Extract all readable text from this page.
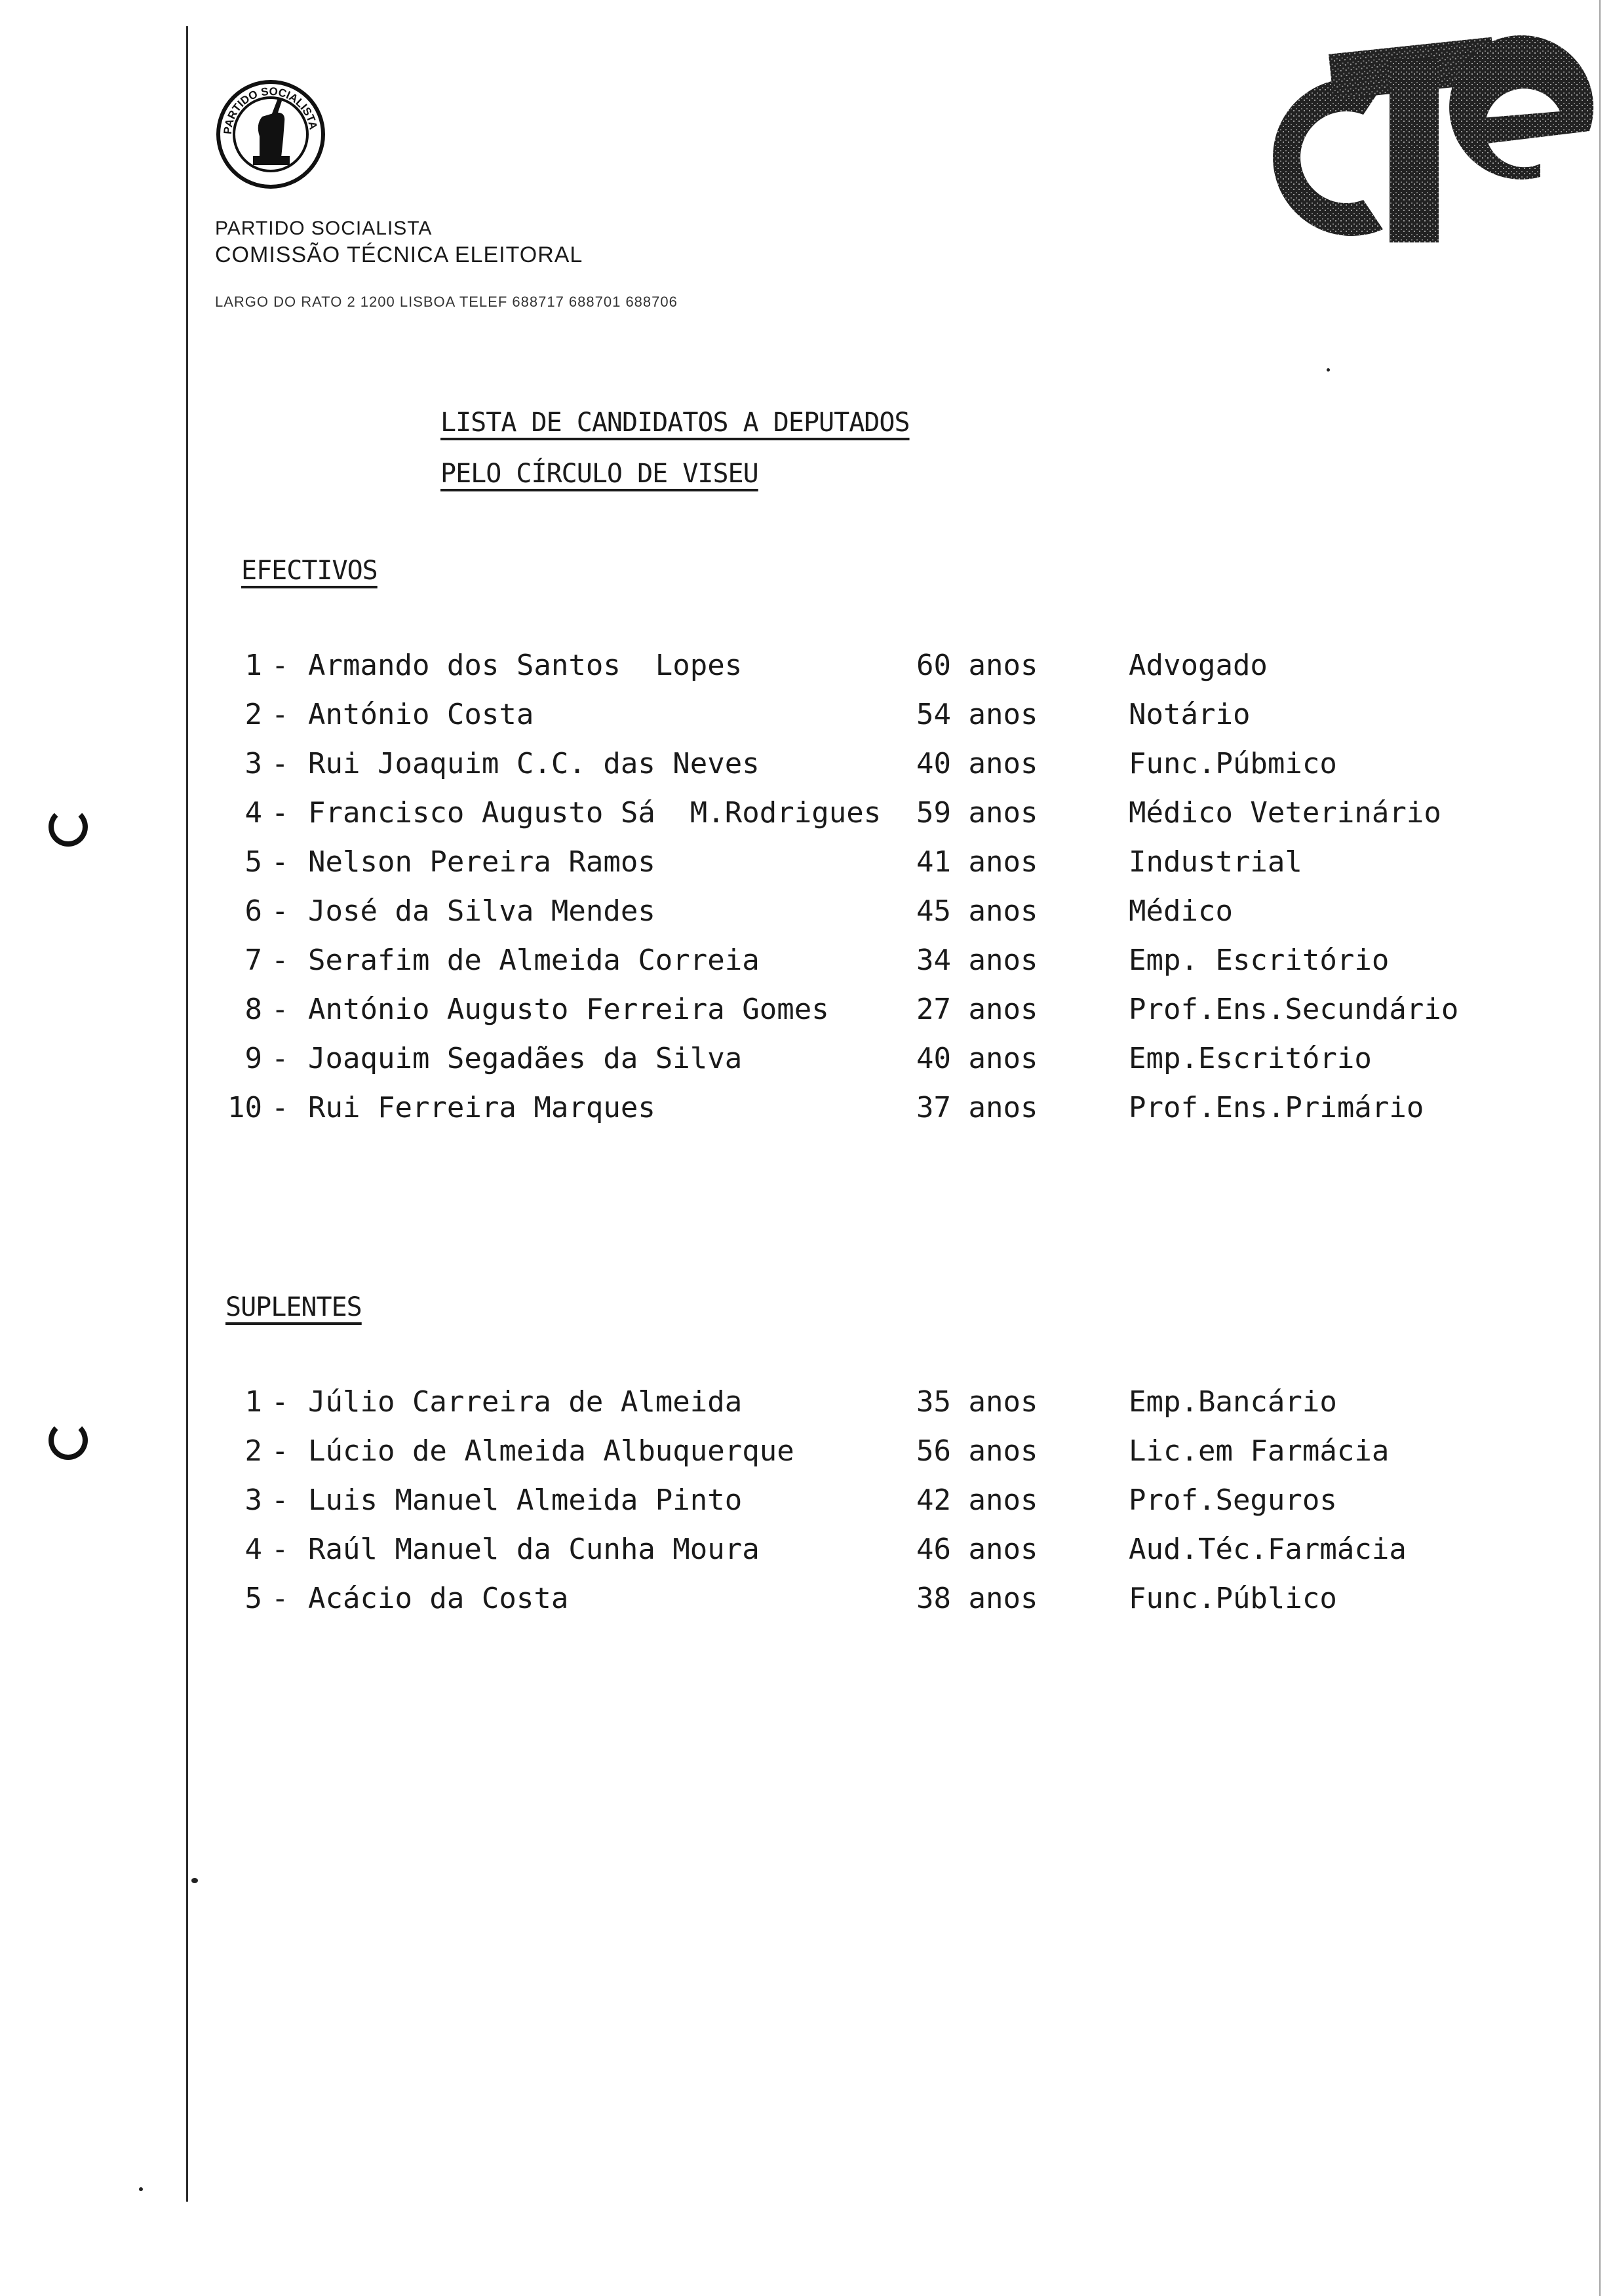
PARTIDO SOCIALISTA
PARTIDO SOCIALISTA
COMISSÃO TÉCNICA ELEITORAL
LARGO DO RATO 2 1200 LISBOA TELEF 688717 688701 688706
CTE
LISTA DE CANDIDATOS A DEPUTADOS
PELO CÍRCULO DE VISEU
EFECTIVOS
1 - Armando dos Santos  Lopes	60 anos	Advogado
2 - António Costa	54 anos	Notário
3 - Rui Joaquim C.C. das Neves	40 anos	Func.Púbmico
4 - Francisco Augusto Sá  M.Rodrigues 59 anos	Médico Veterinário
5 - Nelson Pereira Ramos	41 anos	Industrial
6 - José da Silva Mendes	45 anos	Médico
7 - Serafim de Almeida Correia	34 anos	Emp. Escritório
8 - António Augusto Ferreira Gomes	27 anos	Prof.Ens.Secundário
9 - Joaquim Segadães da Silva	40 anos	Emp.Escritório
10 - Rui Ferreira Marques	37 anos	Prof.Ens.Primário
SUPLENTES
1 - Júlio Carreira de Almeida	35 anos	Emp.Bancário
2 - Lúcio de Almeida Albuquerque	56 anos	Lic.em Farmácia
3 - Luis Manuel Almeida Pinto	42 anos	Prof.Seguros
4 - Raúl Manuel da Cunha Moura	46 anos	Aud.Téc.Farmácia
5 - Acácio da Costa	38 anos	Func.Público
